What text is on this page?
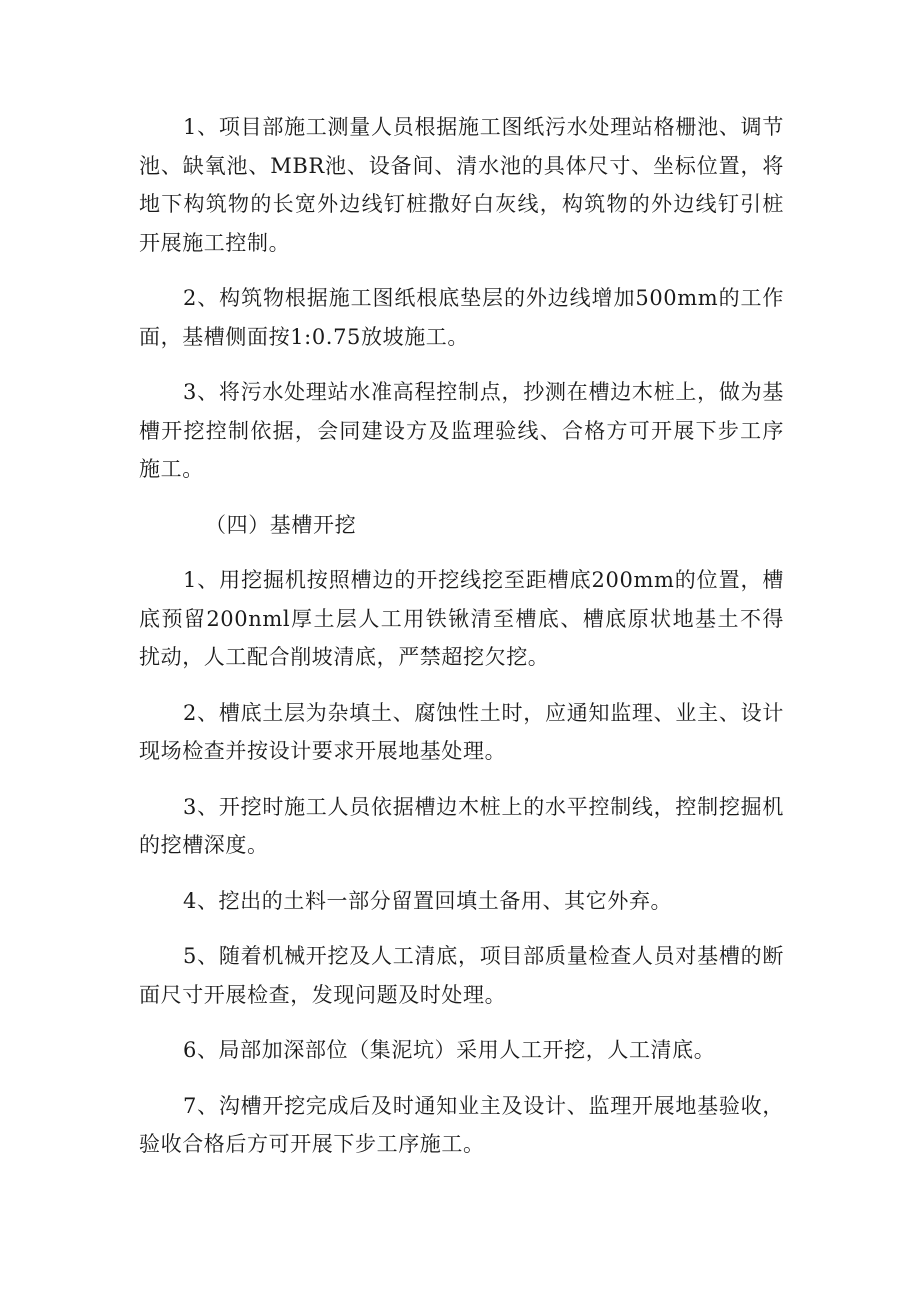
1、项目部施工测量人员根据施工图纸污水处理站格栅池、调节池、缺氧池、MBR池、设备间、清水池的具体尺寸、坐标位置，将地下构筑物的长宽外边线钉桩撒好白灰线，构筑物的外边线钉引桩开展施工控制。

2、构筑物根据施工图纸根底垫层的外边线增加500mm的工作面，基槽侧面按1:0.75放坡施工。

3、将污水处理站水准高程控制点，抄测在槽边木桩上，做为基槽开挖控制依据，会同建设方及监理验线、合格方可开展下步工序施工。

（四）基槽开挖

1、用挖掘机按照槽边的开挖线挖至距槽底200mm的位置，槽底预留200nml厚土层人工用铁锹清至槽底、槽底原状地基土不得扰动，人工配合削坡清底，严禁超挖欠挖。

2、槽底土层为杂填土、腐蚀性土时，应通知监理、业主、设计现场检查并按设计要求开展地基处理。

3、开挖时施工人员依据槽边木桩上的水平控制线，控制挖掘机的挖槽深度。

4、挖出的土料一部分留置回填土备用、其它外弃。

5、随着机械开挖及人工清底，项目部质量检查人员对基槽的断面尺寸开展检查，发现问题及时处理。

6、局部加深部位（集泥坑）采用人工开挖，人工清底。

7、沟槽开挖完成后及时通知业主及设计、监理开展地基验收，验收合格后方可开展下步工序施工。
